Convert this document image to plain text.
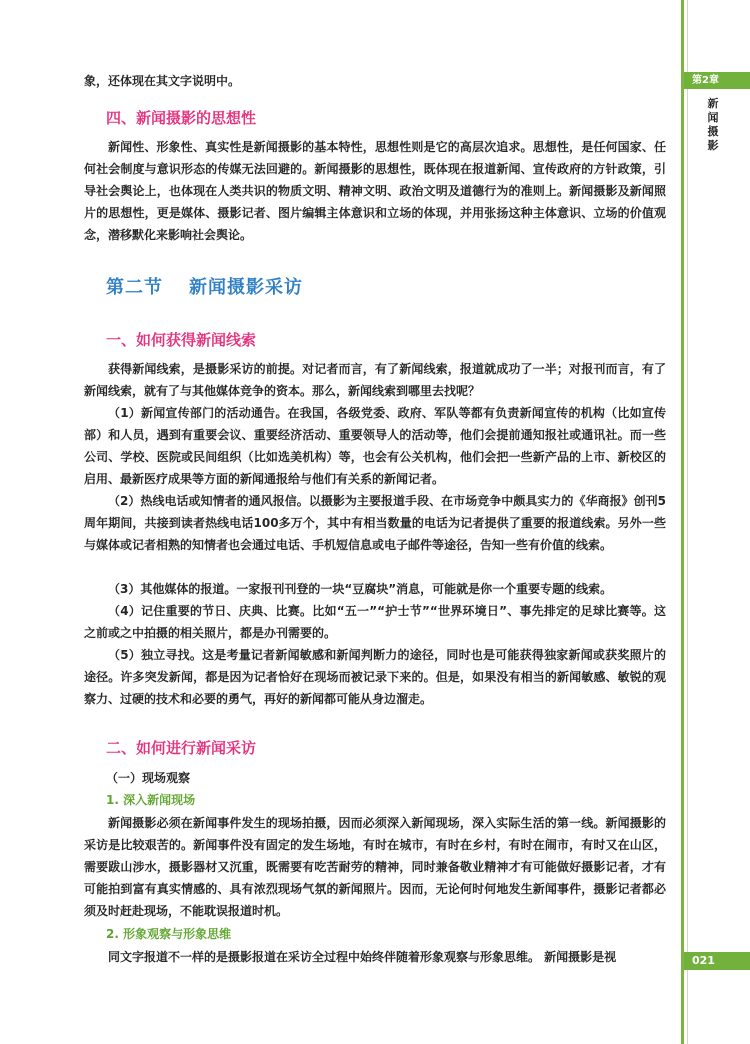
第2章
新闻摄影
021

象，还体现在其文字说明中。

四、新闻摄影的思想性

新闻性、形象性、真实性是新闻摄影的基本特性，思想性则是它的高层次追求。思想性，是任何国家、任何社会制度与意识形态的传媒无法回避的。新闻摄影的思想性，既体现在报道新闻、宣传政府的方针政策，引导社会舆论上，也体现在人类共识的物质文明、精神文明、政治文明及道德行为的准则上。新闻摄影及新闻照片的思想性，更是媒体、摄影记者、图片编辑主体意识和立场的体现，并用张扬这种主体意识、立场的价值观念，潜移默化来影响社会舆论。

第二节 新闻摄影采访
一、如何获得新闻线索

获得新闻线索，是摄影采访的前提。对记者而言，有了新闻线索，报道就成功了一半；对报刊而言，有了新闻线索，就有了与其他媒体竞争的资本。那么，新闻线索到哪里去找呢？

（1）新闻宣传部门的活动通告。在我国，各级党委、政府、军队等都有负责新闻宣传的机构（比如宣传部）和人员，遇到有重要会议、重要经济活动、重要领导人的活动等，他们会提前通知报社或通讯社。而一些公司、学校、医院或民间组织（比如选美机构）等，也会有公关机构，他们会把一些新产品的上市、新校区的启用、最新医疗成果等方面的新闻通报给与他们有关系的新闻记者。

（2）热线电话或知情者的通风报信。以摄影为主要报道手段、在市场竞争中颇具实力的《华商报》创刊5周年期间，共接到读者热线电话100多万个，其中有相当数量的电话为记者提供了重要的报道线索。另外一些与媒体或记者相熟的知情者也会通过电话、手机短信息或电子邮件等途径，告知一些有价值的线索。

（3）其他媒体的报道。一家报刊刊登的一块“豆腐块”消息，可能就是你一个重要专题的线索。

（4）记住重要的节日、庆典、比赛。比如“五一”“护士节”“世界环境日”、事先排定的足球比赛等。这之前或之中拍摄的相关照片，都是办刊需要的。

（5）独立寻找。这是考量记者新闻敏感和新闻判断力的途径，同时也是可能获得独家新闻或获奖照片的途径。许多突发新闻，都是因为记者恰好在现场而被记录下来的。但是，如果没有相当的新闻敏感、敏锐的观察力、过硬的技术和必要的勇气，再好的新闻都可能从身边溜走。

二、如何进行新闻采访
（一）现场观察
1. 深入新闻现场

新闻摄影必须在新闻事件发生的现场拍摄，因而必须深入新闻现场，深入实际生活的第一线。新闻摄影的采访是比较艰苦的。新闻事件没有固定的发生场地，有时在城市，有时在乡村，有时在闹市，有时又在山区，需要跋山涉水，摄影器材又沉重，既需要有吃苦耐劳的精神，同时兼备敬业精神才有可能做好摄影记者，才有可能拍到富有真实情感的、具有浓烈现场气氛的新闻照片。因而，无论何时何地发生新闻事件，摄影记者都必须及时赶赴现场，不能耽误报道时机。

2. 形象观察与形象思维

同文字报道不一样的是摄影报道在采访全过程中始终伴随着形象观察与形象思维。 新闻摄影是视
